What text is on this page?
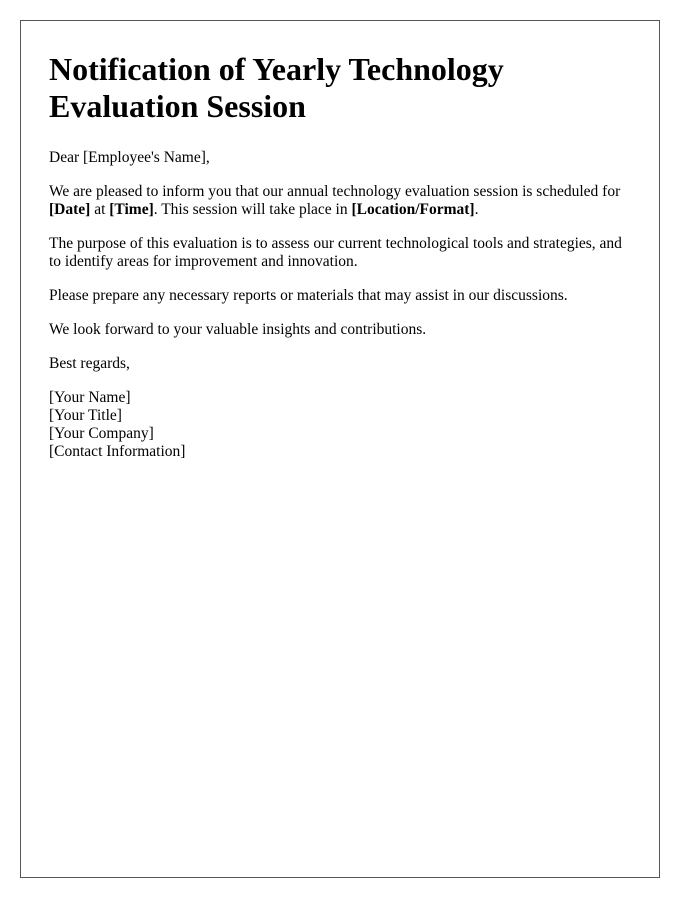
Notification of Yearly Technology Evaluation Session

Dear [Employee's Name],

We are pleased to inform you that our annual technology evaluation session is scheduled for [Date] at [Time]. This session will take place in [Location/Format].

The purpose of this evaluation is to assess our current technological tools and strategies, and to identify areas for improvement and innovation.

Please prepare any necessary reports or materials that may assist in our discussions.

We look forward to your valuable insights and contributions.

Best regards,

[Your Name]
[Your Title]
[Your Company]
[Contact Information]
